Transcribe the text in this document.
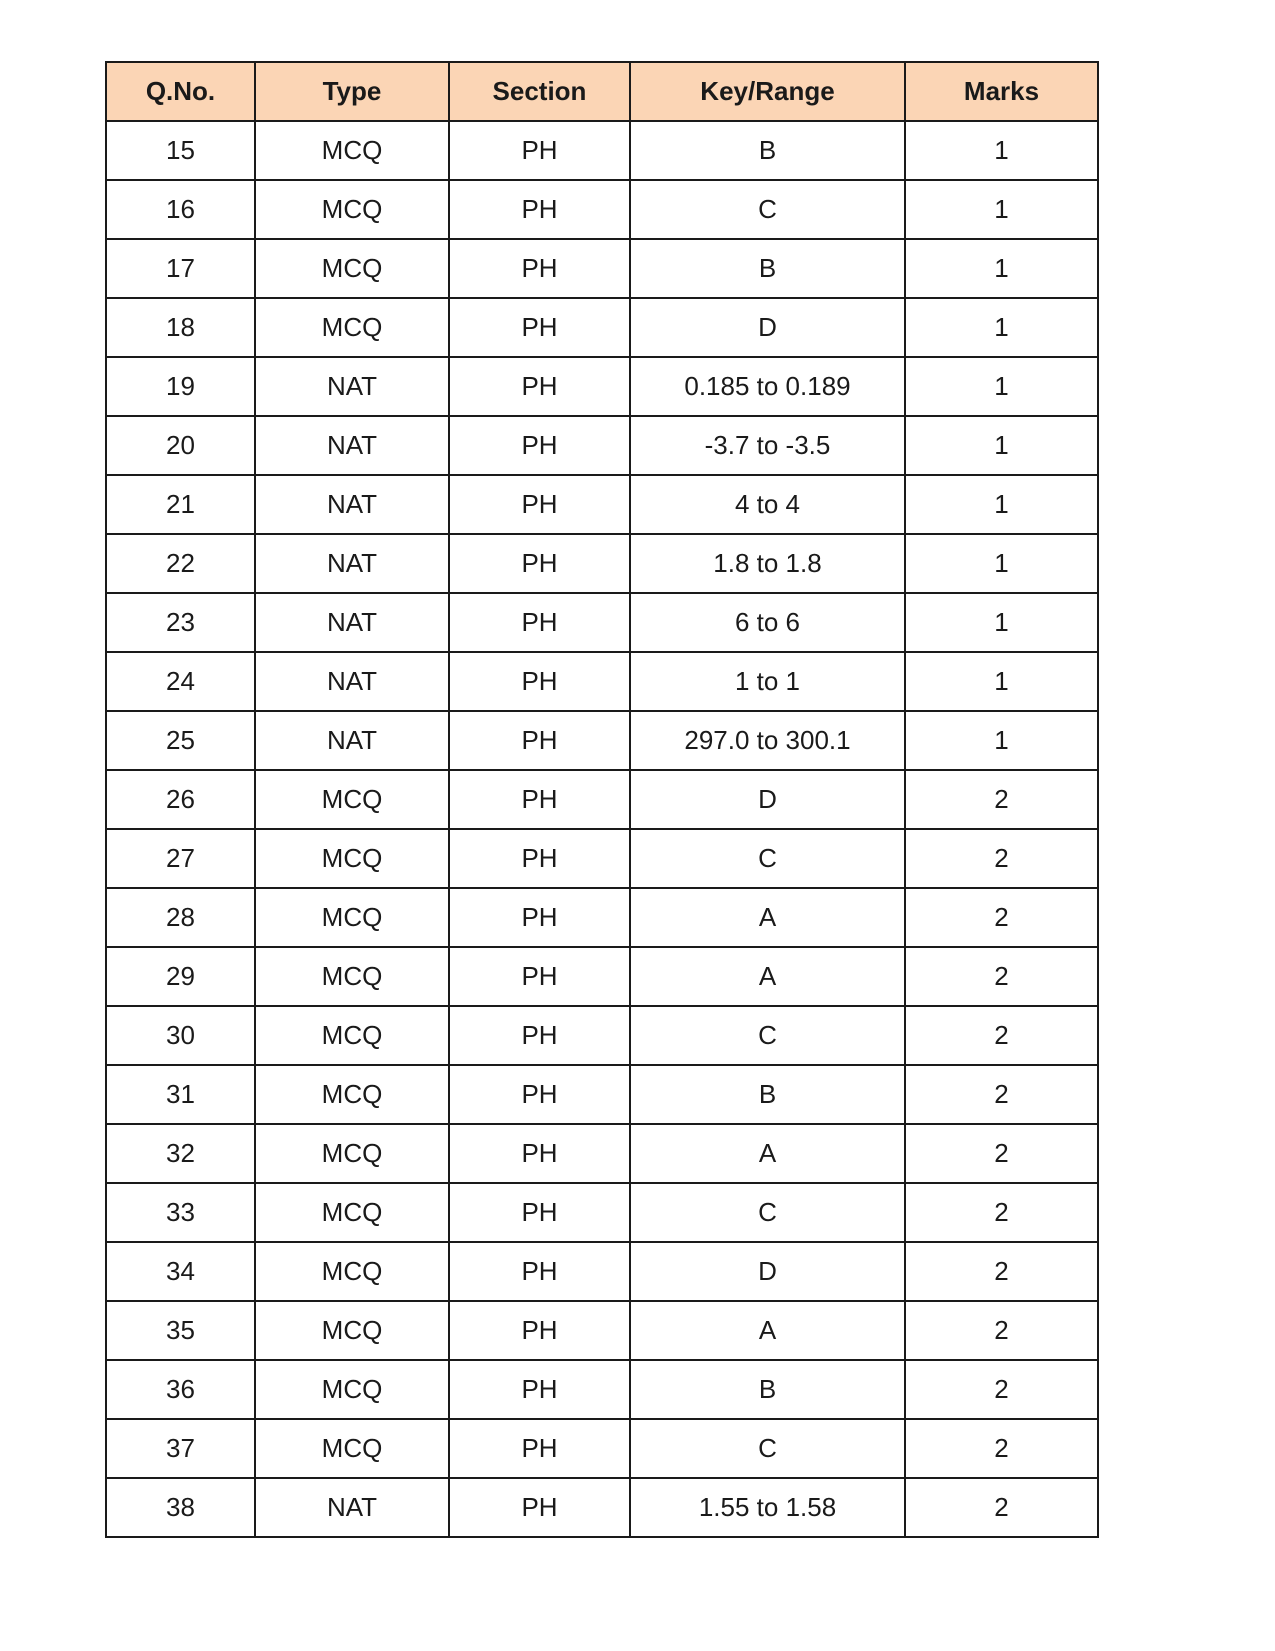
Q.No.	Type	Section	Key/Range	Marks
15	MCQ	PH	B	1
16	MCQ	PH	C	1
17	MCQ	PH	B	1
18	MCQ	PH	D	1
19	NAT	PH	0.185 to 0.189	1
20	NAT	PH	-3.7 to -3.5	1
21	NAT	PH	4 to 4	1
22	NAT	PH	1.8 to 1.8	1
23	NAT	PH	6 to 6	1
24	NAT	PH	1 to 1	1
25	NAT	PH	297.0 to 300.1	1
26	MCQ	PH	D	2
27	MCQ	PH	C	2
28	MCQ	PH	A	2
29	MCQ	PH	A	2
30	MCQ	PH	C	2
31	MCQ	PH	B	2
32	MCQ	PH	A	2
33	MCQ	PH	C	2
34	MCQ	PH	D	2
35	MCQ	PH	A	2
36	MCQ	PH	B	2
37	MCQ	PH	C	2
38	NAT	PH	1.55 to 1.58	2
